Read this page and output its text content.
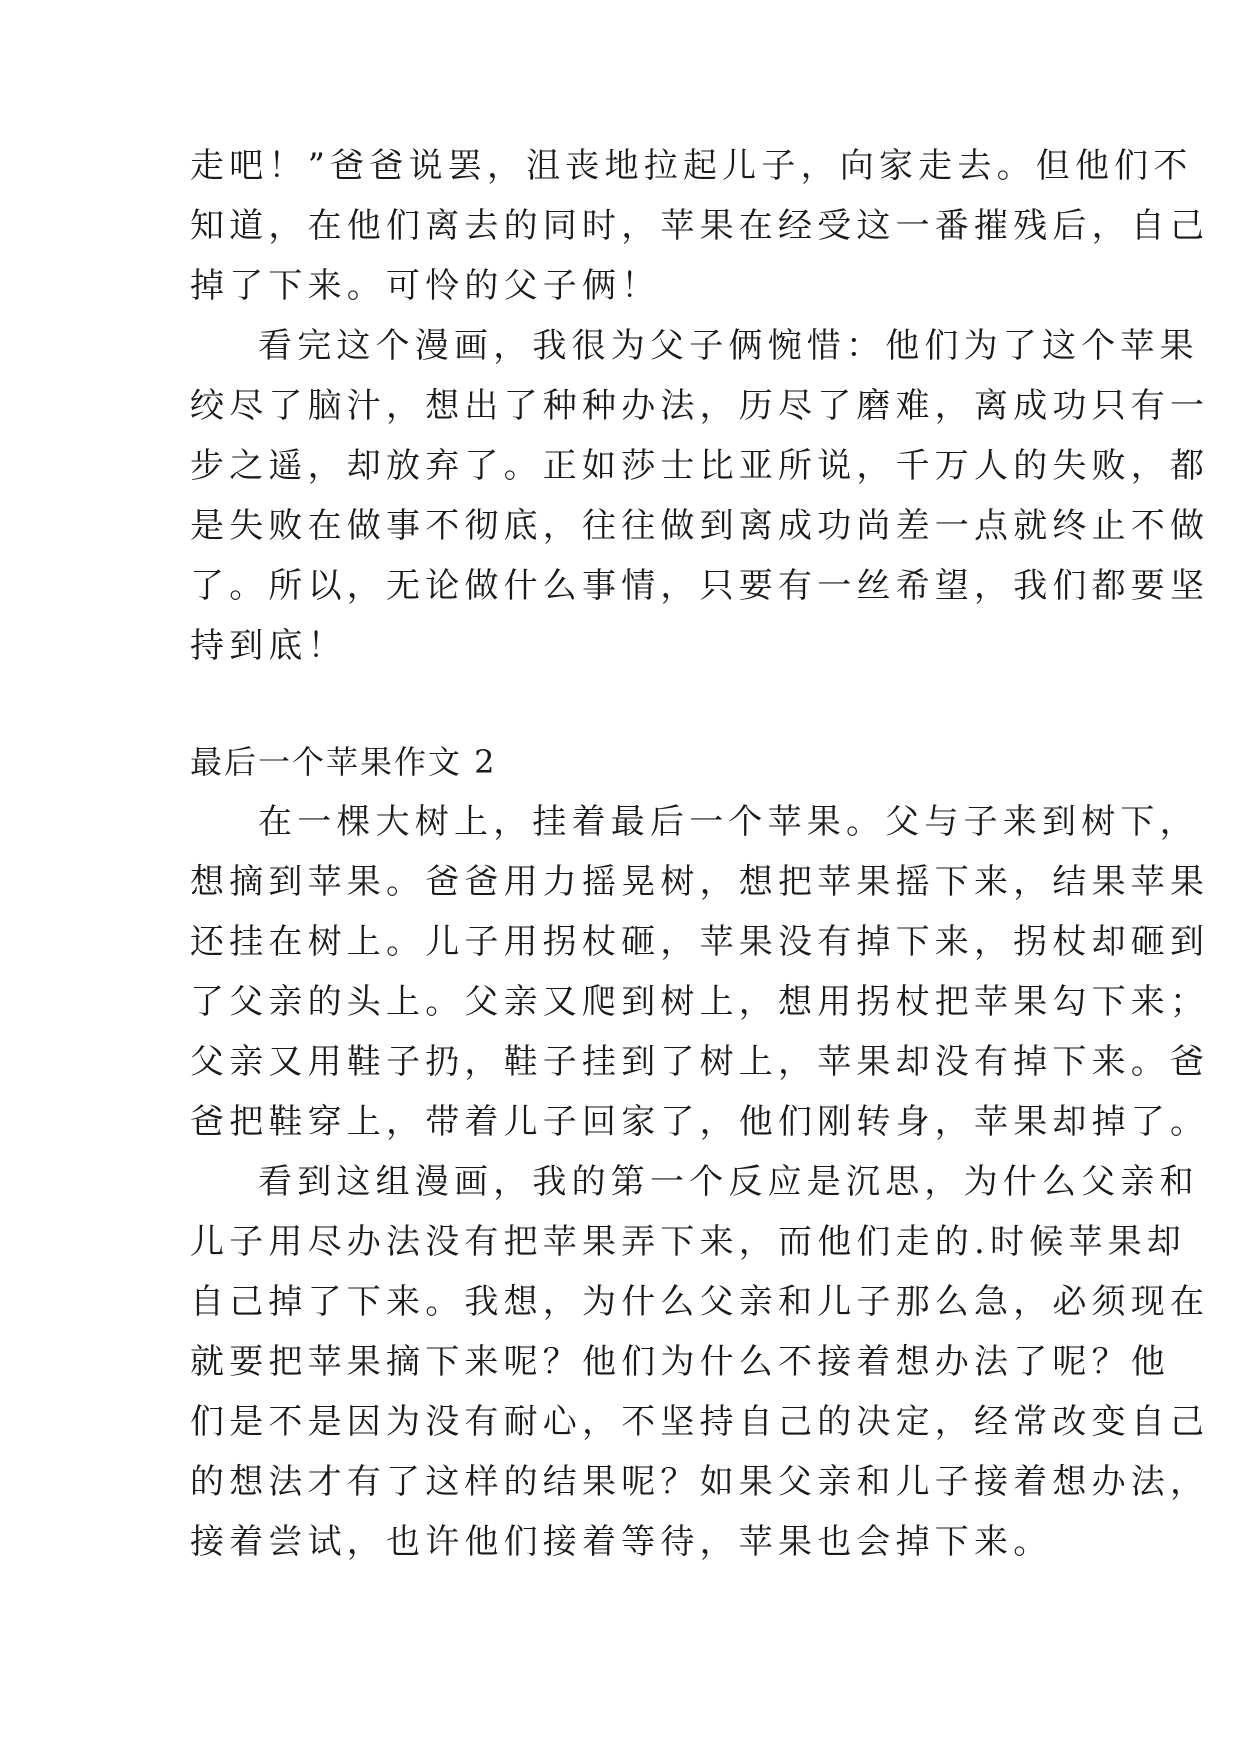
走吧！”爸爸说罢，沮丧地拉起儿子，向家走去。但他们不

知道，在他们离去的同时，苹果在经受这一番摧残后，自己

掉了下来。可怜的父子俩！

看完这个漫画，我很为父子俩惋惜：他们为了这个苹果

绞尽了脑汁，想出了种种办法，历尽了磨难，离成功只有一

步之遥，却放弃了。正如莎士比亚所说，千万人的失败，都

是失败在做事不彻底，往往做到离成功尚差一点就终止不做

了。所以，无论做什么事情，只要有一丝希望，我们都要坚

持到底！

最后一个苹果作文 2

在一棵大树上，挂着最后一个苹果。父与子来到树下，

想摘到苹果。爸爸用力摇晃树，想把苹果摇下来，结果苹果

还挂在树上。儿子用拐杖砸，苹果没有掉下来，拐杖却砸到

了父亲的头上。父亲又爬到树上，想用拐杖把苹果勾下来；

父亲又用鞋子扔，鞋子挂到了树上，苹果却没有掉下来。爸

爸把鞋穿上，带着儿子回家了，他们刚转身，苹果却掉了。

看到这组漫画，我的第一个反应是沉思，为什么父亲和

儿子用尽办法没有把苹果弄下来，而他们走的.时候苹果却

自己掉了下来。我想，为什么父亲和儿子那么急，必须现在

就要把苹果摘下来呢？他们为什么不接着想办法了呢？他

们是不是因为没有耐心，不坚持自己的决定，经常改变自己

的想法才有了这样的结果呢？如果父亲和儿子接着想办法，

接着尝试，也许他们接着等待，苹果也会掉下来。
